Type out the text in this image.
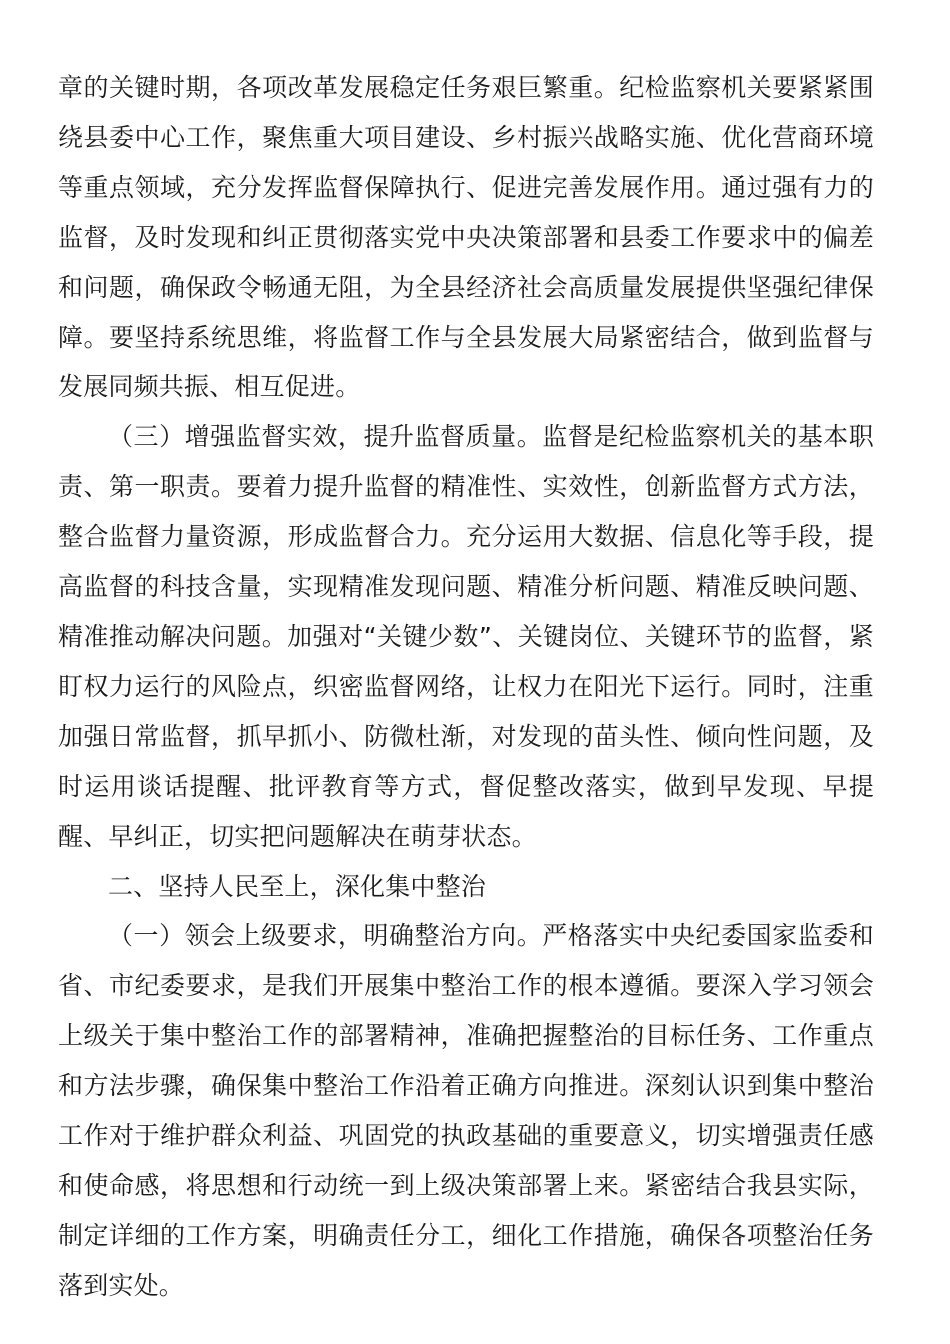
章的关键时期，各项改革发展稳定任务艰巨繁重。纪检监察机关要紧紧围绕县委中心工作，聚焦重大项目建设、乡村振兴战略实施、优化营商环境等重点领域，充分发挥监督保障执行、促进完善发展作用。通过强有力的监督，及时发现和纠正贯彻落实党中央决策部署和县委工作要求中的偏差和问题，确保政令畅通无阻，为全县经济社会高质量发展提供坚强纪律保障。要坚持系统思维，将监督工作与全县发展大局紧密结合，做到监督与发展同频共振、相互促进。

（三）增强监督实效，提升监督质量。监督是纪检监察机关的基本职责、第一职责。要着力提升监督的精准性、实效性，创新监督方式方法，整合监督力量资源，形成监督合力。充分运用大数据、信息化等手段，提高监督的科技含量，实现精准发现问题、精准分析问题、精准反映问题、精准推动解决问题。加强对“关键少数”、关键岗位、关键环节的监督，紧盯权力运行的风险点，织密监督网络，让权力在阳光下运行。同时，注重加强日常监督，抓早抓小、防微杜渐，对发现的苗头性、倾向性问题，及时运用谈话提醒、批评教育等方式，督促整改落实，做到早发现、早提醒、早纠正，切实把问题解决在萌芽状态。

二、坚持人民至上，深化集中整治

（一）领会上级要求，明确整治方向。严格落实中央纪委国家监委和省、市纪委要求，是我们开展集中整治工作的根本遵循。要深入学习领会上级关于集中整治工作的部署精神，准确把握整治的目标任务、工作重点和方法步骤，确保集中整治工作沿着正确方向推进。深刻认识到集中整治工作对于维护群众利益、巩固党的执政基础的重要意义，切实增强责任感和使命感，将思想和行动统一到上级决策部署上来。紧密结合我县实际，制定详细的工作方案，明确责任分工，细化工作措施，确保各项整治任务落到实处。
